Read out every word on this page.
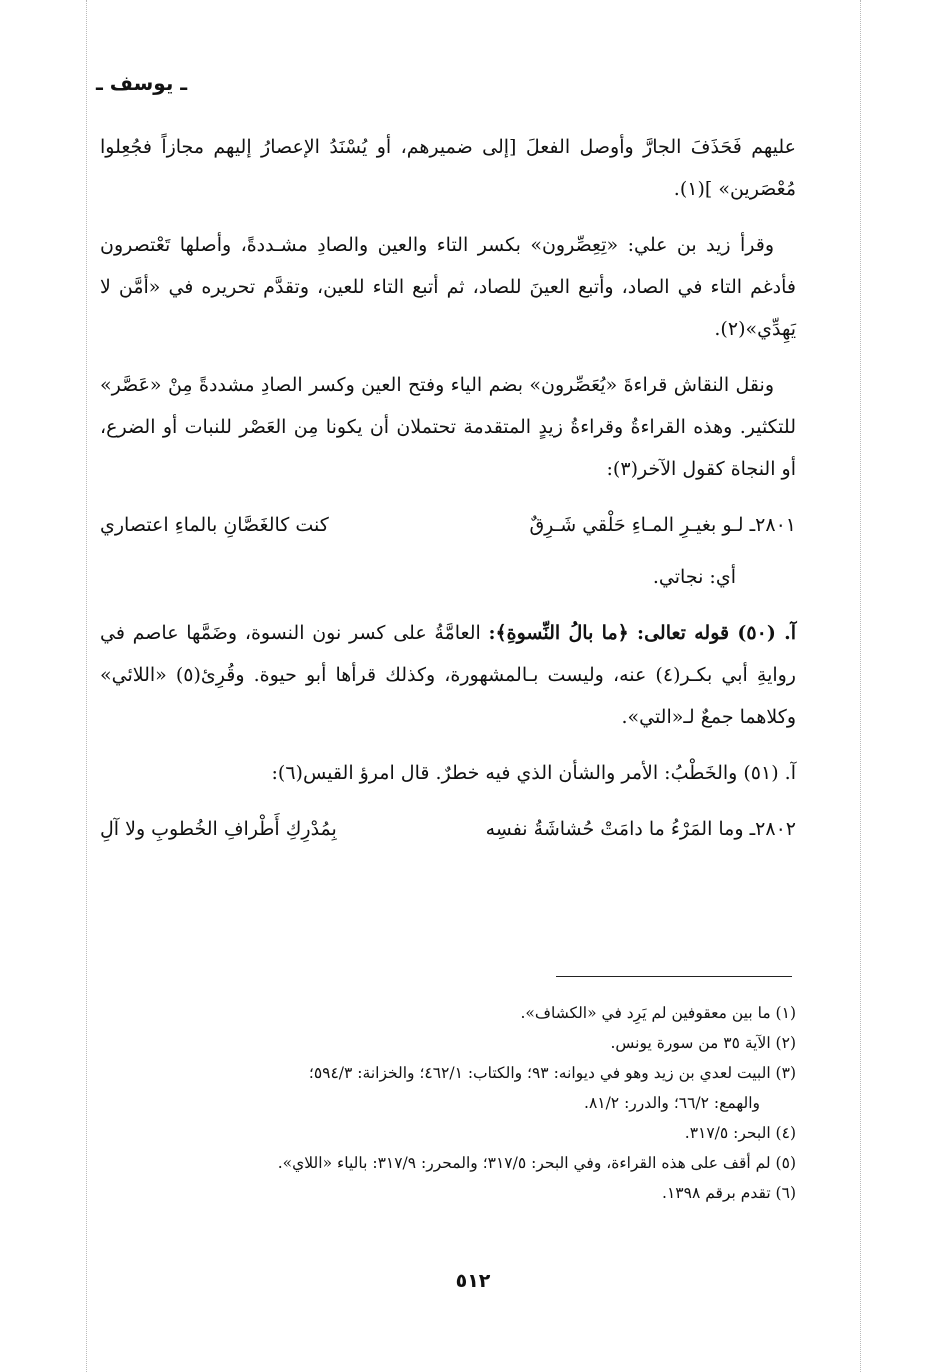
ـ يوسف ـ

عليهم فَحَذَفَ الجارَّ وأوصل الفعلَ [إلى ضميرهم، أو يُسْنَدُ الإعصارُ إليهم مجازاً فجُعِلوا مُعْصَرين» ](١).

وقرأ زيد بن علي: «تِعِصِّرون» بكسر التاء والعين والصادِ مشـددةً، وأصلها تَعْتصرون فأدغم التاء في الصاد، وأتبع العينَ للصاد، ثم أتبع التاء للعين، وتقدَّم تحريره في «أمَّن لا يَهِدِّي»(٢).

ونقل النقاش قراءةَ «يُعَصِّرون» بضم الياء وفتح العين وكسر الصادِ مشددةً مِنْ «عَصَّر» للتكثير. وهذه القراءةُ وقراءةُ زيدٍ المتقدمة تحتملان أن يكونا مِن العَصْر للنبات أو الضرع، أو النجاة كقول الآخر(٣):

٢٨٠١ـ لـو بغيـرِ المـاءِ حَلْقي شَـرِقٌ
كنت كالغَصَّانِ بالماءِ اعتصاري

أي: نجاتي.

آ. (٥٠) قوله تعالى: ﴿ما بالُ النِّسوةِ﴾: العامَّةُ على كسر نون النسوة، وضَمَّها عاصم في روايةِ أبي بكـر(٤) عنه، وليست بـالمشهورة، وكذلك قرأها أبو حيوة. وقُرِئ(٥) «اللائي» وكلاهما جمعٌ لـ«التي».

آ. (٥١) والخَطْبُ: الأمر والشأن الذي فيه خطرٌ. قال امرؤ القيس(٦):

٢٨٠٢ـ وما المَرْءُ ما دامَتْ حُشاشَةُ نفسِه
بِمُدْرِكِ أَطْرافِ الخُطوبِ ولا آلِ

(١) ما بين معقوفين لم يَرِد في «الكشاف».

(٢) الآية ٣٥ من سورة يونس.

(٣) البيت لعدي بن زيد وهو في ديوانه: ٩٣؛ والكتاب: ٤٦٢/١؛ والخزانة: ٥٩٤/٣؛

والهمع: ٦٦/٢؛ والدرر: ٨١/٢.

(٤) البحر: ٣١٧/٥.

(٥) لم أقف على هذه القراءة، وفي البحر: ٣١٧/٥؛ والمحرر: ٣١٧/٩: بالياء «اللاي».

(٦) تقدم برقم ١٣٩٨.

٥١٢
